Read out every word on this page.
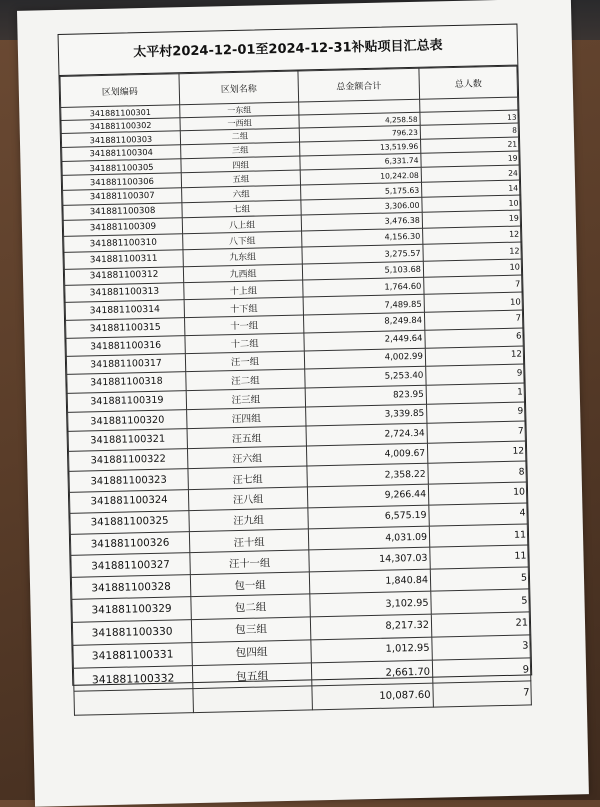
太平村2024-12-01至2024-12-31补贴项目汇总表
区划编码	区划名称	总金额合计	总人数
341881100301	一东组		
341881100302	一西组	4,258.58	13
341881100303	二组	796.23	8
341881100304	三组	13,519.96	21
341881100305	四组	6,331.74	19
341881100306	五组	10,242.08	24
341881100307	六组	5,175.63	14
341881100308	七组	3,306.00	10
341881100309	八上组	3,476.38	19
341881100310	八下组	4,156.30	12
341881100311	九东组	3,275.57	12
341881100312	九西组	5,103.68	10
341881100313	十上组	1,764.60	7
341881100314	十下组	7,489.85	10
341881100315	十一组	8,249.84	7
341881100316	十二组	2,449.64	6
341881100317	汪一组	4,002.99	12
341881100318	汪二组	5,253.40	9
341881100319	汪三组	823.95	1
341881100320	汪四组	3,339.85	9
341881100321	汪五组	2,724.34	7
341881100322	汪六组	4,009.67	12
341881100323	汪七组	2,358.22	8
341881100324	汪八组	9,266.44	10
341881100325	汪九组	6,575.19	4
341881100326	汪十组	4,031.09	11
341881100327	汪十一组	14,307.03	11
341881100328	包一组	1,840.84	5
341881100329	包二组	3,102.95	5
341881100330	包三组	8,217.32	21
341881100331	包四组	1,012.95	3
341881100332	包五组	2,661.70	9
		10,087.60	7
